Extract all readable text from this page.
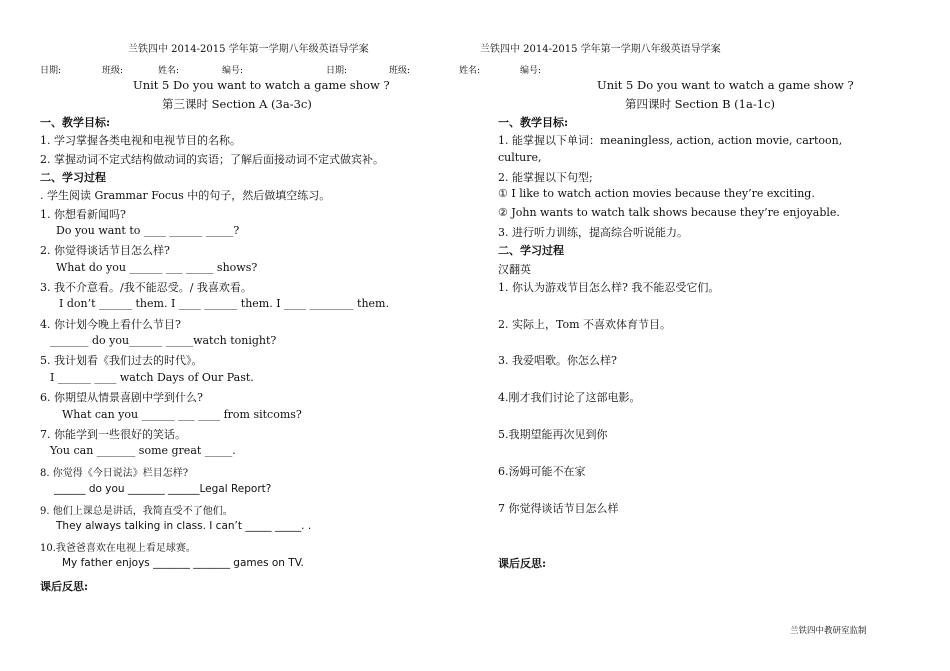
兰铁四中 2014-2015 学年第一学期八年级英语导学案
日期:	班级:	姓名:	编号:
Unit 5 Do you want to watch a game show ?
第三课时 Section A (3a-3c)
一、教学目标:
1. 学习掌握各类电视和电视节目的名称。
2. 掌握动词不定式结构做动词的宾语；了解后面接动词不定式做宾补。
二、学习过程
. 学生阅读 Grammar Focus 中的句子，然后做填空练习。
1. 你想看新闻吗?
Do you want to ____ ______ _____?
2. 你觉得谈话节目怎么样?
What do you ______ ___ _____ shows?
3. 我不介意看。/我不能忍受。/ 我喜欢看。
I don’t ______ them. I ____ ______ them. I ____ ________ them.
4. 你计划今晚上看什么节目?
_______ do you______ _____watch tonight?
5. 我计划看《我们过去的时代》。
I ______ ____ watch Days of Our Past.
6. 你期望从情景喜剧中学到什么?
What can you ______ ___ ____ from sitcoms?
7. 你能学到一些很好的笑话。
You can _______ some great _____.
8. 你觉得《今日说法》栏目怎样?
______ do you _______ ______Legal Report?
9. 他们上课总是讲话，我简直受不了他们。
They always talking in class. I can’t _____ _____. .
10.我爸爸喜欢在电视上看足球赛。
My father enjoys _______ _______ games on TV.
课后反思:
兰铁四中 2014-2015 学年第一学期八年级英语导学案
日期:	班级:	姓名:	编号:
Unit 5 Do you want to watch a game show ?
第四课时 Section B (1a-1c)
一、教学目标:
1. 能掌握以下单词：meaningless, action, action movie, cartoon,
culture,
2. 能掌握以下句型;
① I like to watch action movies because they’re exciting.
② John wants to watch talk shows because they’re enjoyable.
3. 进行听力训练，提高综合听说能力。
二、学习过程
汉翻英
1. 你认为游戏节目怎么样? 我不能忍受它们。
2. 实际上，Tom 不喜欢体育节目。
3. 我爱唱歌。你怎么样?
4.刚才我们讨论了这部电影。
5.我期望能再次见到你
6.汤姆可能不在家
7 你觉得谈话节目怎么样
课后反思:
兰铁四中教研室监制
